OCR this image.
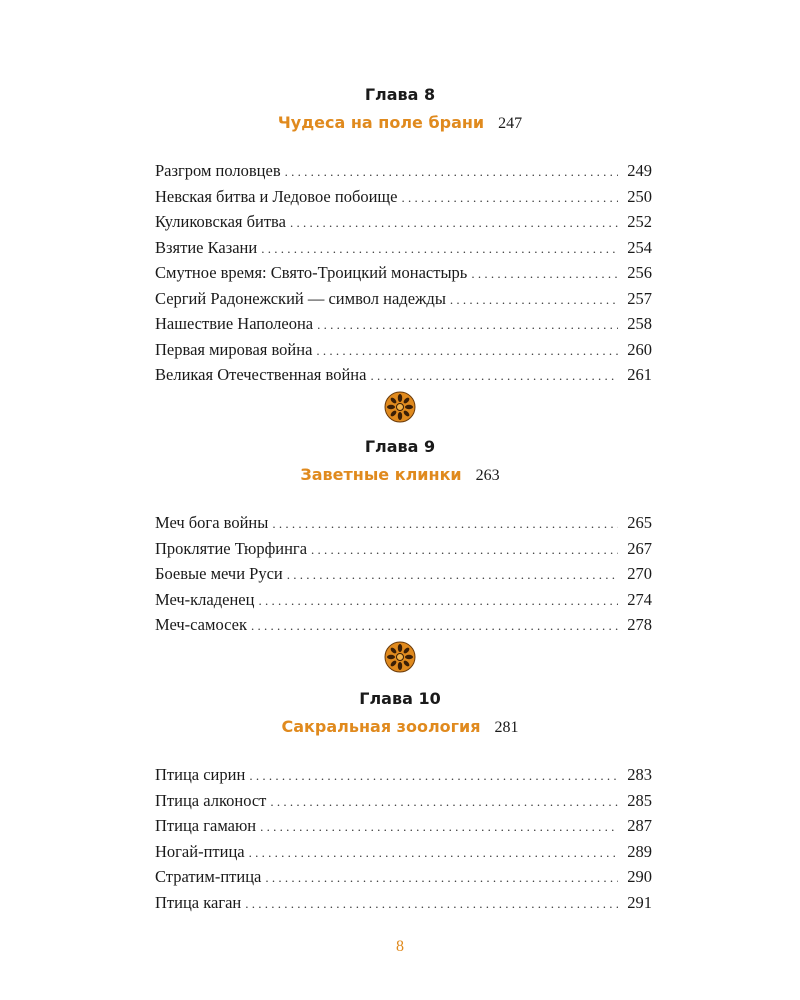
Глава 8
Чудеса на поле брани 247
Разгром половцев . . .	249
Невская битва и Ледовое побоище . . .	250
Куликовская битва . . .	252
Взятие Казани . . .	254
Смутное время: Свято-Троицкий монастырь . . .	256
Сергий Радонежский — символ надежды . . .	257
Нашествие Наполеона . . .	258
Первая мировая война . . .	260
Великая Отечественная война . . .	261
Глава 9
Заветные клинки 263
Меч бога войны . . .	265
Проклятие Тюрфинга . . .	267
Боевые мечи Руси . . .	270
Меч-кладенец . . .	274
Меч-самосек . . .	278
Глава 10
Сакральная зоология 281
Птица сирин . . .	283
Птица алконост . . .	285
Птица гамаюн . . .	287
Ногай-птица . . .	289
Стратим-птица . . .	290
Птица каган . . .	291
8
